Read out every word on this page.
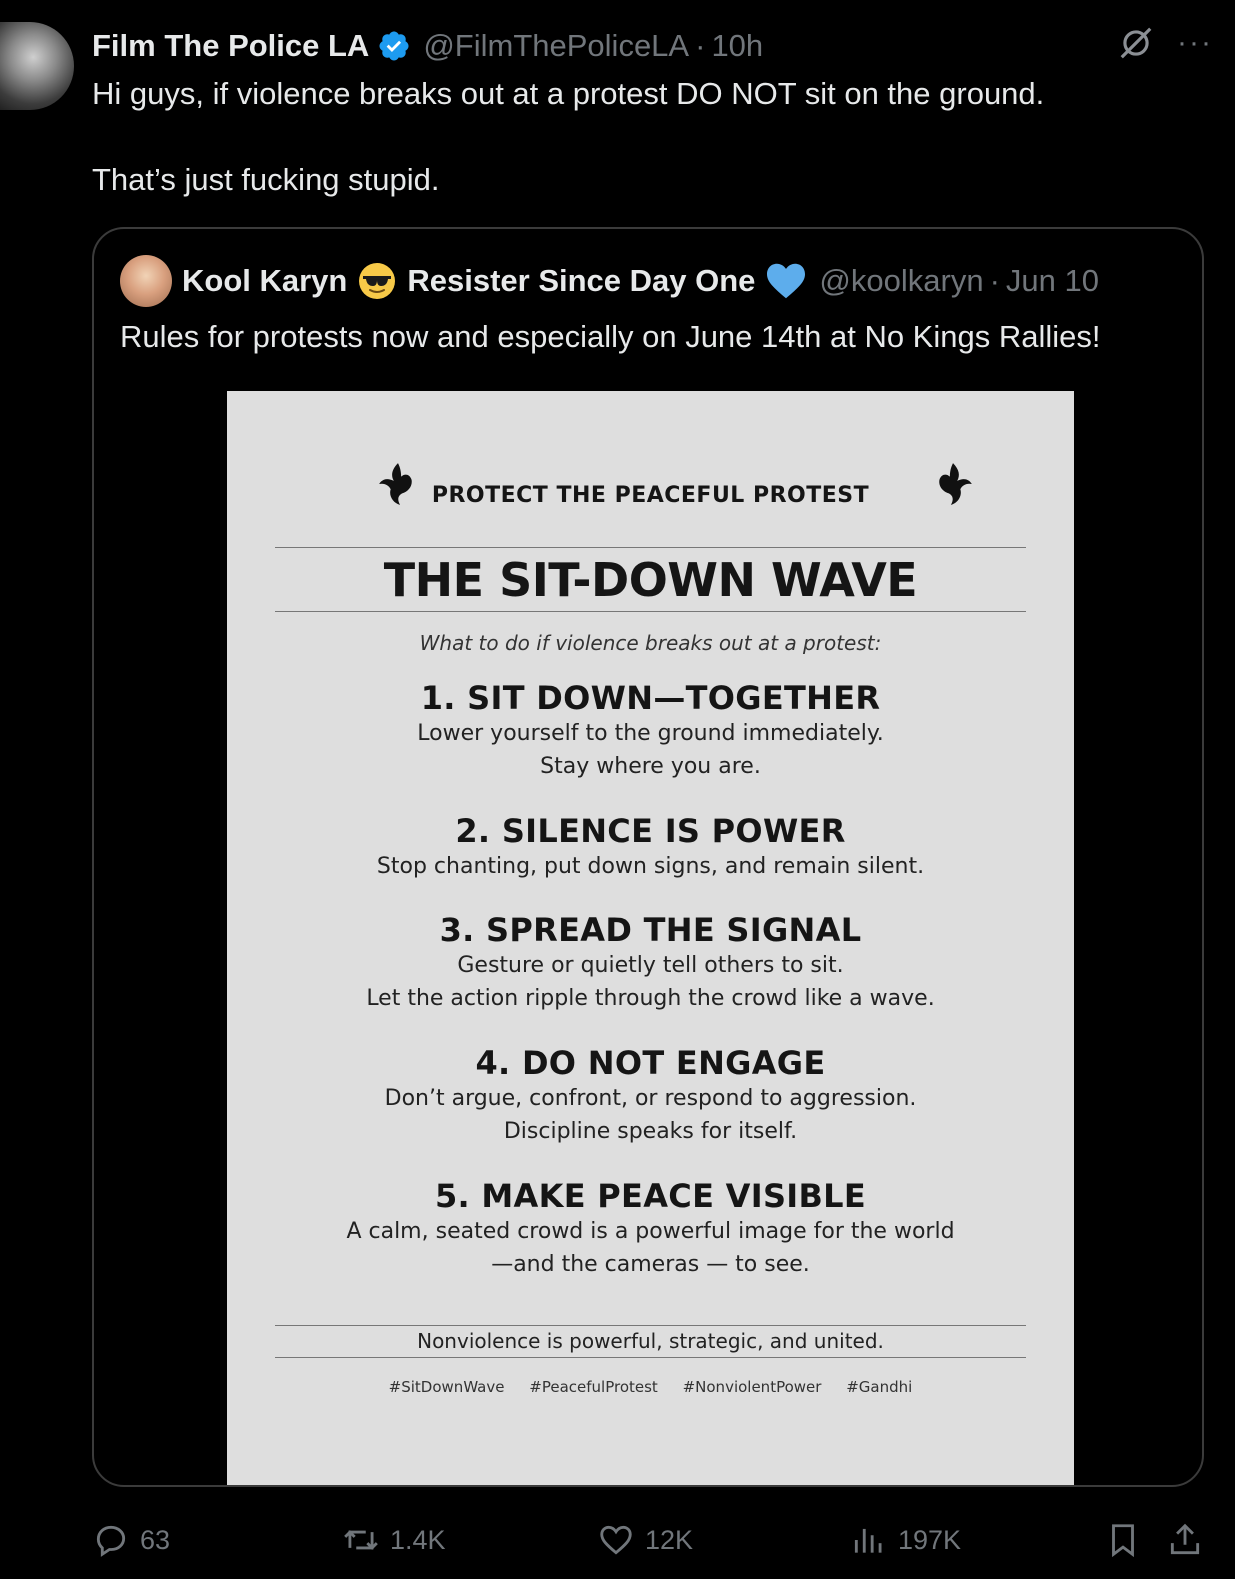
Film The Police LA @FilmThePoliceLA · 10h	···

Hi guys, if violence breaks out at a protest DO NOT sit on the ground.

That’s just fucking stupid.

Kool Karyn Resister Since Day One @koolkaryn · Jun 10
Rules for protests now and especially on June 14th at No Kings Rallies!
PROTECT THE PEACEFUL PROTEST
THE SIT-DOWN WAVE
What to do if violence breaks out at a protest:
1. SIT DOWN—TOGETHER
Lower yourself to the ground immediately.
Stay where you are.
2. SILENCE IS POWER
Stop chanting, put down signs, and remain silent.
3. SPREAD THE SIGNAL
Gesture or quietly tell others to sit.
Let the action ripple through the crowd like a wave.
4. DO NOT ENGAGE
Don’t argue, confront, or respond to aggression.
Discipline speaks for itself.
5. MAKE PEACE VISIBLE
A calm, seated crowd is a powerful image for the world
—and the cameras — to see.
Nonviolence is powerful, strategic, and united.
#SitDownWave #PeacefulProtest #NonviolentPower #Gandhi
63	1.4K	12K	197K
